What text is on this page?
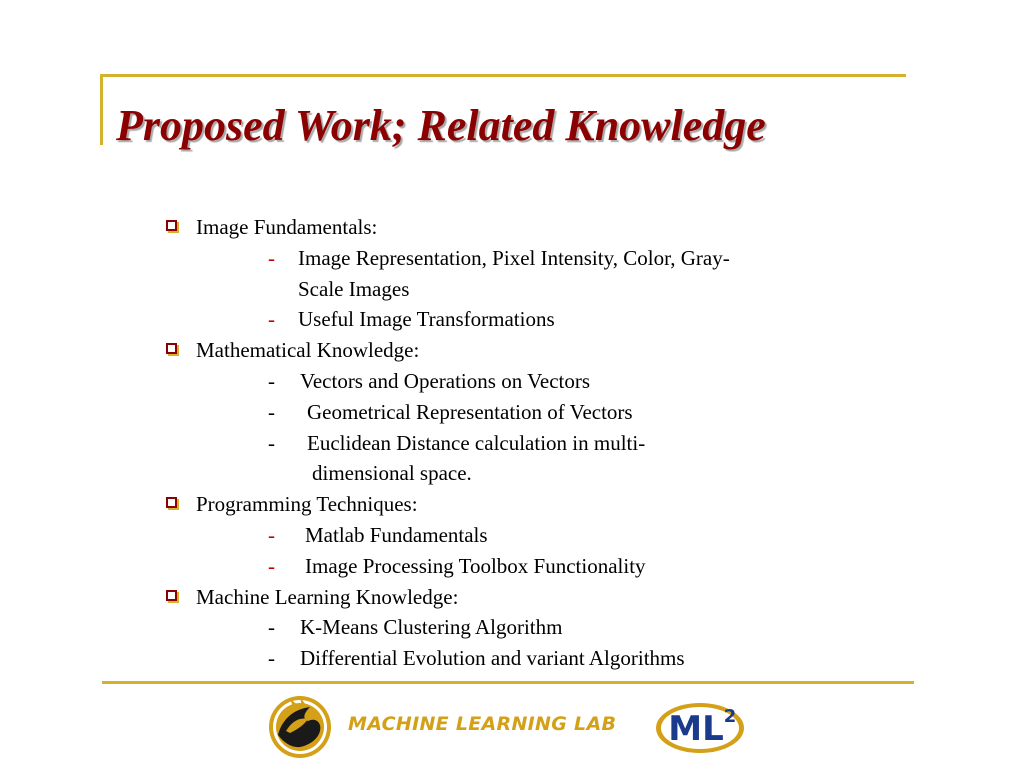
Proposed Work; Related Knowledge
Image Fundamentals:
- Image Representation, Pixel Intensity, Color, Gray-
Scale Images
- Useful Image Transformations
Mathematical Knowledge:
- Vectors and Operations on Vectors
- Geometrical Representation of Vectors
- Euclidean Distance calculation in multi-
dimensional space.
Programming Techniques:
- Matlab Fundamentals
- Image Processing Toolbox Functionality
Machine Learning Knowledge:
- K-Means Clustering Algorithm
- Differential Evolution and variant Algorithms
MACHINE LEARNING LAB ML 2
